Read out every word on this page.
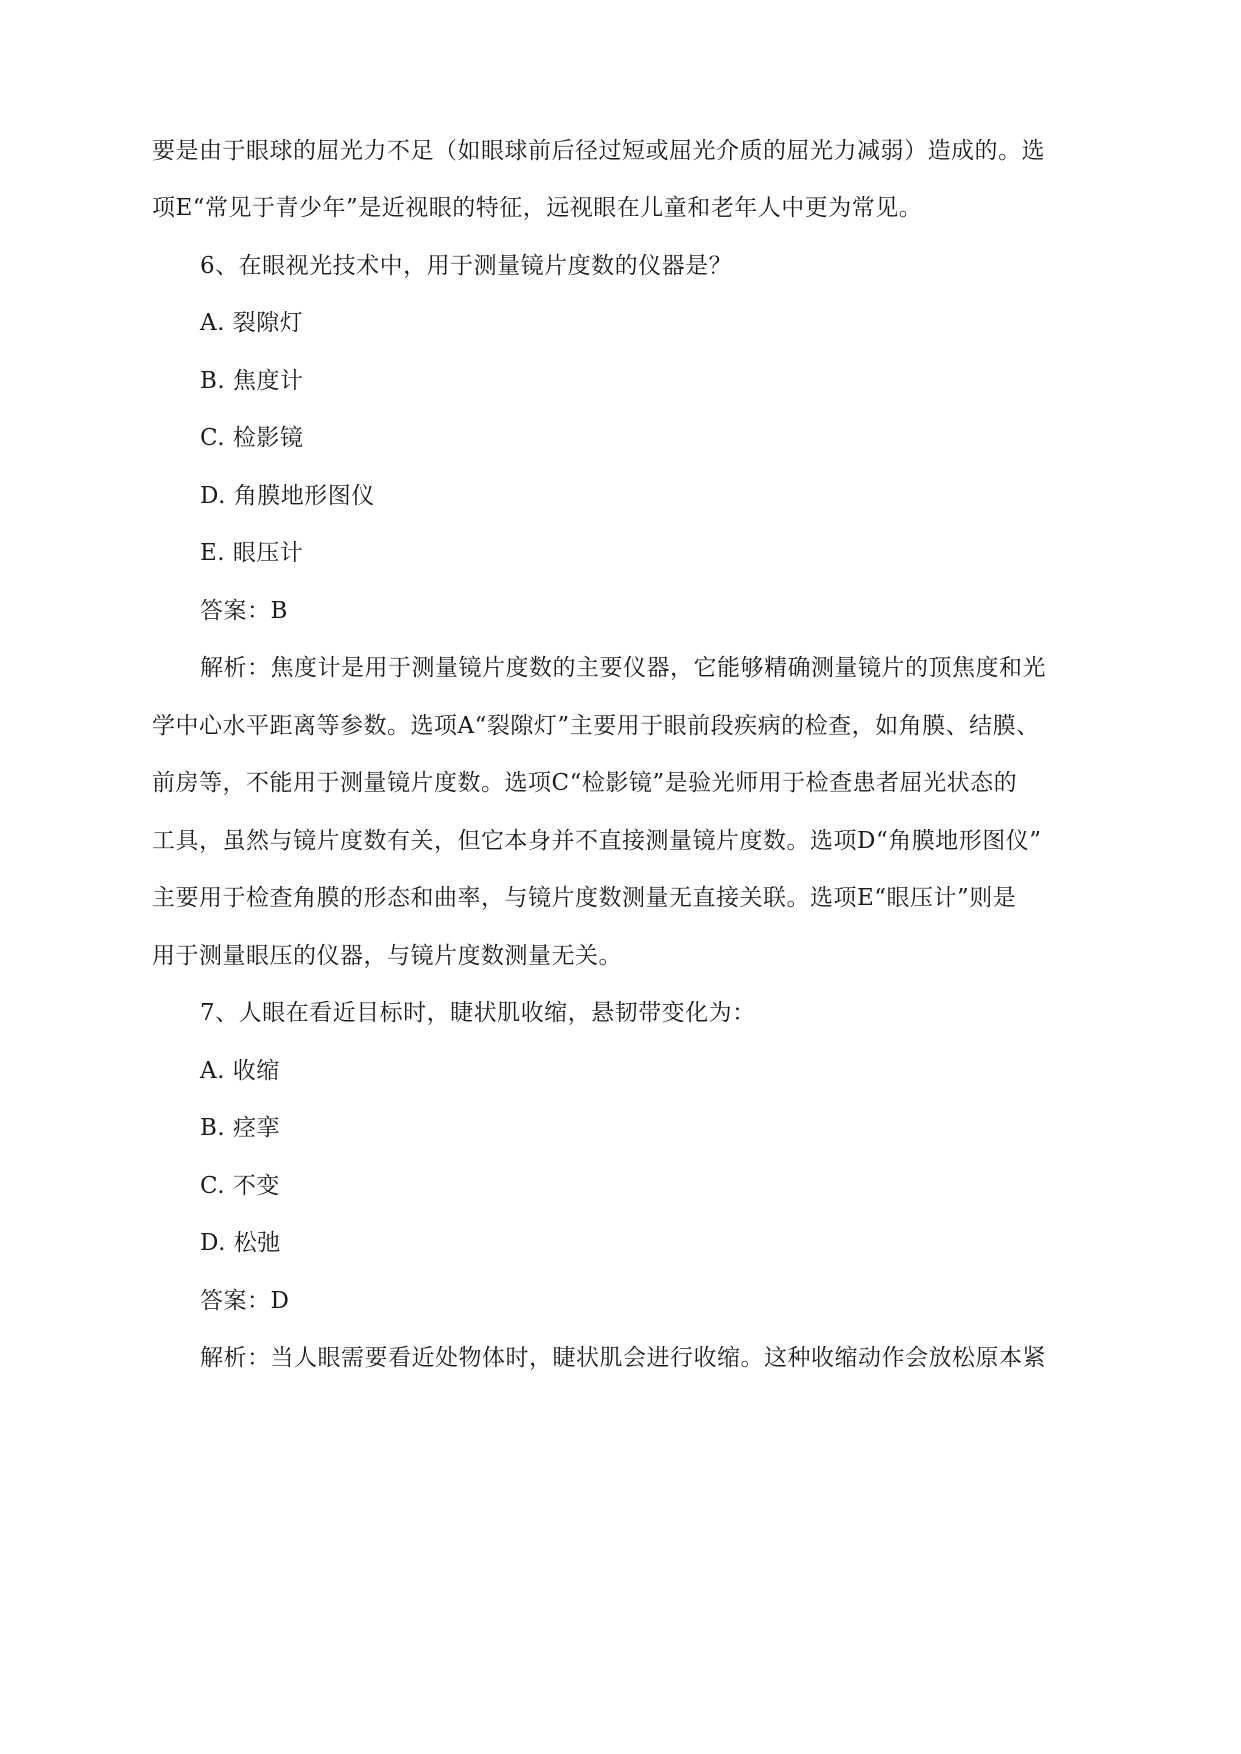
要是由于眼球的屈光力不足（如眼球前后径过短或屈光介质的屈光力减弱）造成的。选
项E“常见于青少年”是近视眼的特征，远视眼在儿童和老年人中更为常见。
6、在眼视光技术中，用于测量镜片度数的仪器是？
A. 裂隙灯
B. 焦度计
C. 检影镜
D. 角膜地形图仪
E. 眼压计
答案：B
解析：焦度计是用于测量镜片度数的主要仪器，它能够精确测量镜片的顶焦度和光
学中心水平距离等参数。选项A“裂隙灯”主要用于眼前段疾病的检查，如角膜、结膜、
前房等，不能用于测量镜片度数。选项C“检影镜”是验光师用于检查患者屈光状态的
工具，虽然与镜片度数有关，但它本身并不直接测量镜片度数。选项D“角膜地形图仪”
主要用于检查角膜的形态和曲率，与镜片度数测量无直接关联。选项E“眼压计”则是
用于测量眼压的仪器，与镜片度数测量无关。
7、人眼在看近目标时，睫状肌收缩，悬韧带变化为：
A. 收缩
B. 痉挛
C. 不变
D. 松弛
答案：D
解析：当人眼需要看近处物体时，睫状肌会进行收缩。这种收缩动作会放松原本紧
